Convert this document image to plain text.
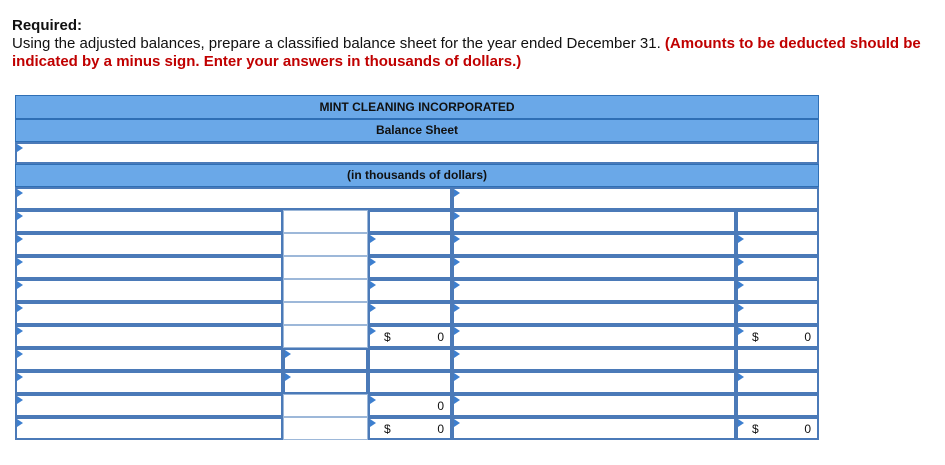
Required:
Using the adjusted balances, prepare a classified balance sheet for the year ended December 31. (Amounts to be deducted should be indicated by a minus sign. Enter your answers in thousands of dollars.)
MINT CLEANING INCORPORATED
Balance Sheet
(in thousands of dollars)
$	0	$	0
0
$	0	$	0
